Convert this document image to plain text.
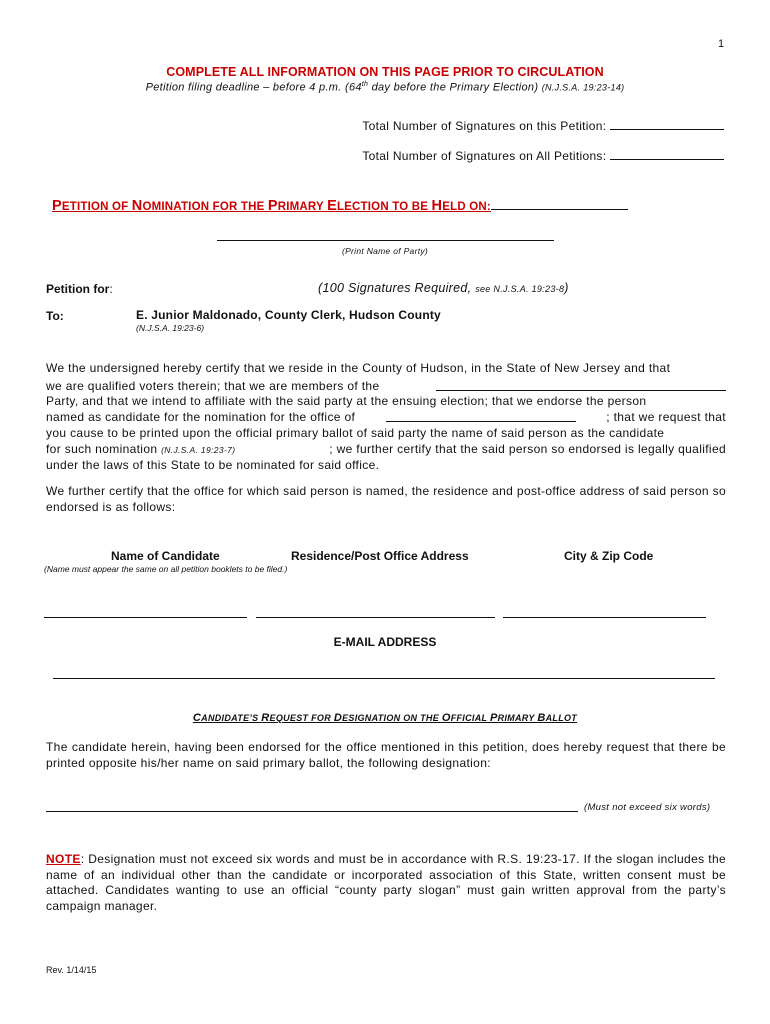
1
COMPLETE ALL INFORMATION ON THIS PAGE PRIOR TO CIRCULATION
Petition filing deadline – before 4 p.m. (64th day before the Primary Election) (N.J.S.A. 19:23-14)
Total Number of Signatures on this Petition:
Total Number of Signatures on All Petitions:
PETITION OF NOMINATION FOR THE PRIMARY ELECTION TO BE HELD ON:
(Print Name of Party)
Petition for:	(100 Signatures Required, see N.J.S.A. 19:23-8)
To:	E. Junior Maldonado, County Clerk, Hudson County
(N.J.S.A. 19:23-6)
We the undersigned hereby certify that we reside in the County of Hudson, in the State of New Jersey and that
we are qualified voters therein; that we are members of the
Party, and that we intend to affiliate with the said party at the ensuing election; that we endorse the person
named as candidate for the nomination for the office of	; that we request that
you cause to be printed upon the official primary ballot of said party the name of said person as the candidate
for such nomination (N.J.S.A. 19:23-7)	; we further certify that the said person so endorsed is legally qualified
under the laws of this State to be nominated for said office.
We further certify that the office for which said person is named, the residence and post-office address of said person so endorsed is as follows:
Name of Candidate	Residence/Post Office Address	City & Zip Code
(Name must appear the same on all petition booklets to be filed.)
E-MAIL ADDRESS
CANDIDATE’S REQUEST FOR DESIGNATION ON THE OFFICIAL PRIMARY BALLOT
The candidate herein, having been endorsed for the office mentioned in this petition, does hereby request that there be printed opposite his/her name on said primary ballot, the following designation:
(Must not exceed six words)
NOTE: Designation must not exceed six words and must be in accordance with R.S. 19:23-17. If the slogan includes the name of an individual other than the candidate or incorporated association of this State, written consent must be attached. Candidates wanting to use an official “county party slogan” must gain written approval from the party’s campaign manager.
Rev. 1/14/15
